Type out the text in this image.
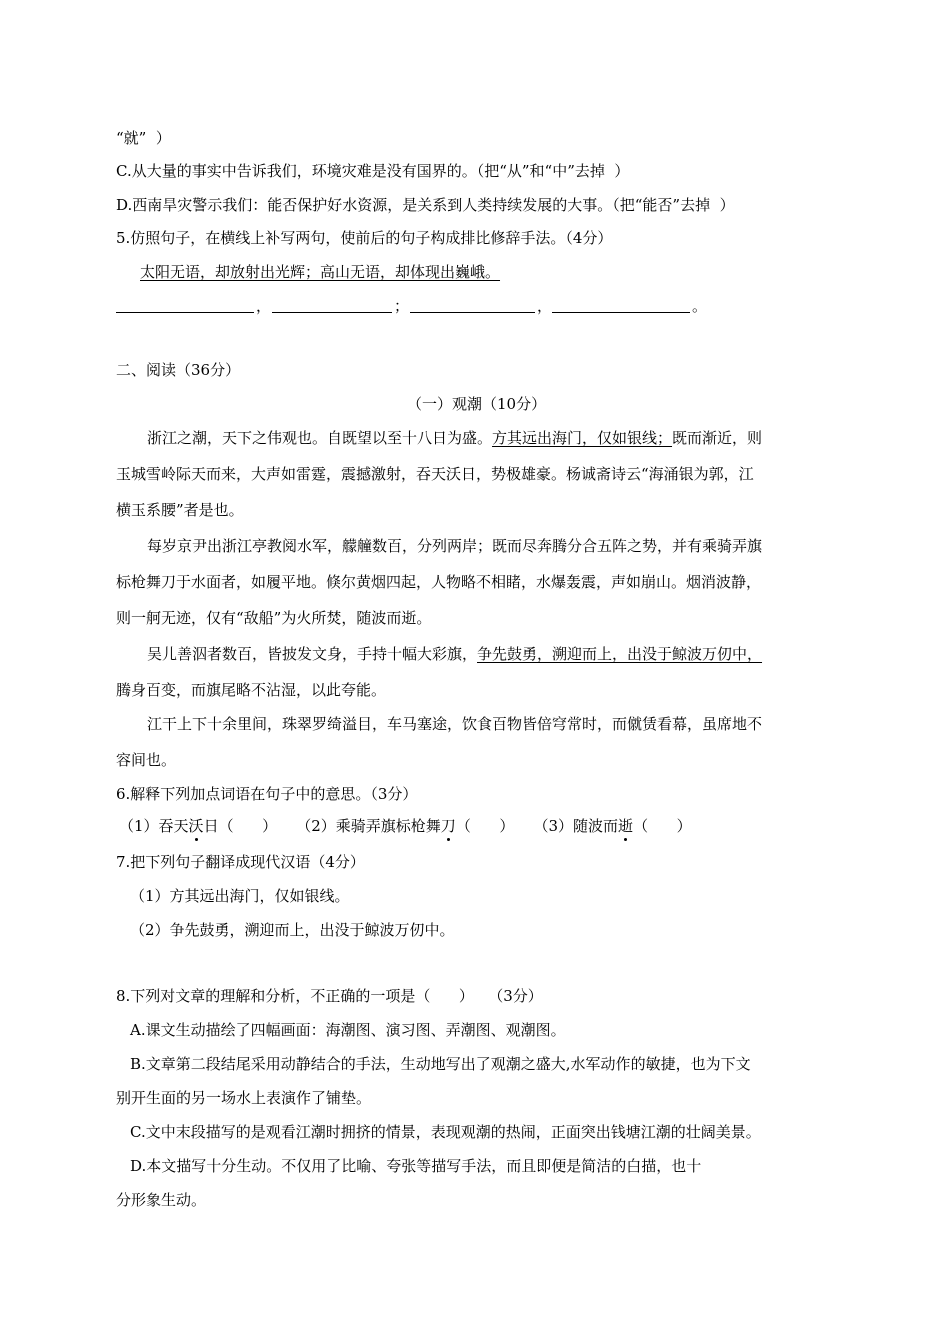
“就”  ）
C.从大量的事实中告诉我们，环境灾难是没有国界的。（把“从”和“中”去掉  ）
D.西南旱灾警示我们：能否保护好水资源，是关系到人类持续发展的大事。（把“能否”去掉  ）
5.仿照句子，在横线上补写两句，使前后的句子构成排比修辞手法。（4分）
太阳无语，却放射出光辉；高山无语，却体现出巍峨。
，	；	，	。
二、阅读（36分）
（一）观潮（10分）
浙江之潮，天下之伟观也。自既望以至十八日为盛。方其远出海门，仅如银线；既而渐近，则
玉城雪岭际天而来，大声如雷霆，震撼激射，吞天沃日，势极雄豪。杨诚斋诗云“海涌银为郭，江
横玉系腰”者是也。
每岁京尹出浙江亭教阅水军，艨艟数百，分列两岸；既而尽奔腾分合五阵之势，并有乘骑弄旗
标枪舞刀于水面者，如履平地。倏尔黄烟四起，人物略不相睹，水爆轰震，声如崩山。烟消波静，
则一舸无迹，仅有“敌船”为火所焚，随波而逝。
吴儿善泅者数百，皆披发文身，手持十幅大彩旗，争先鼓勇，溯迎而上，出没于鲸波万仞中，
腾身百变，而旗尾略不沾湿，以此夸能。
江干上下十余里间，珠翠罗绮溢目，车马塞途，饮食百物皆倍穹常时，而僦赁看幕，虽席地不
容间也。
6.解释下列加点词语在句子中的意思。（3分）
（1）吞天沃日（      ） （2）乘骑弄旗标枪舞刀（      ） （3）随波而逝（      ）
7.把下列句子翻译成现代汉语（4分）
（1）方其远出海门，仅如银线。
（2）争先鼓勇，溯迎而上，出没于鲸波万仞中。
8.下列对文章的理解和分析，不正确的一项是（      ）   （3分）
A.课文生动描绘了四幅画面：海潮图、演习图、弄潮图、观潮图。
B.文章第二段结尾采用动静结合的手法，生动地写出了观潮之盛大,水军动作的敏捷，也为下文
别开生面的另一场水上表演作了铺垫。
C.文中末段描写的是观看江潮时拥挤的情景，表现观潮的热闹，正面突出钱塘江潮的壮阔美景。
D.本文描写十分生动。不仅用了比喻、夸张等描写手法，而且即便是简洁的白描，也十
分形象生动。
